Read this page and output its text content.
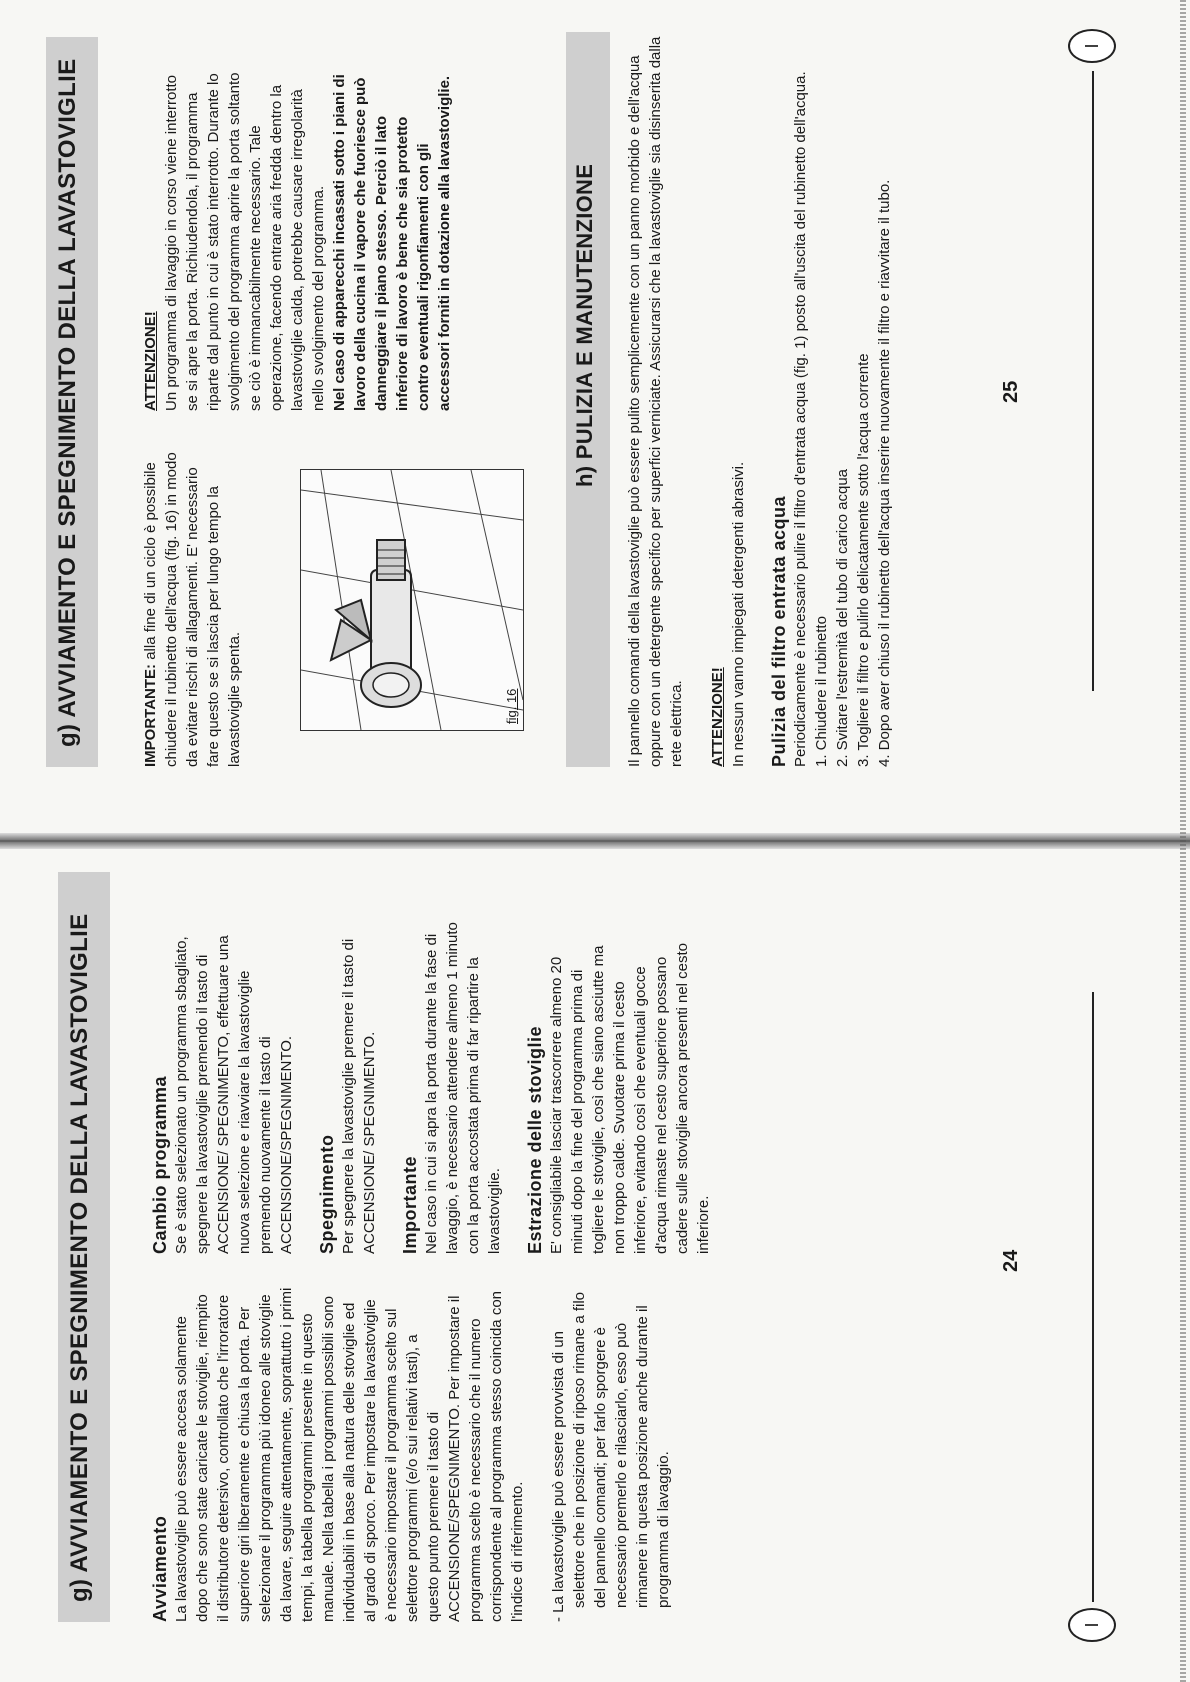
g) AVVIAMENTO E SPEGNIMENTO DELLA LAVASTOVIGLIE	Avviamento La lavastoviglie può essere accesa solamente dopo che sono state caricate le stoviglie, riempito il distributore detersivo, controllato che l'irroratore superiore giri liberamente e chiusa la porta. Per selezionare il programma più idoneo alle stoviglie da lavare, seguire attentamente, soprattutto i primi tempi, la tabella programmi presente in questo manuale. Nella tabella i programmi possibili sono individuabili in base alla natura delle stoviglie ed al grado di sporco. Per impostare la lavastoviglie è necessario impostare il programma scelto sul selettore programmi (e/o sui relativi tasti), a questo punto premere il tasto di ACCENSIONE/SPEGNIMENTO. Per impostare il programma scelto è necessario che il numero corrispondente al programma stesso coincida con l'indice di riferimento. - La lavastoviglie può essere provvista di un selettore che in posizione di riposo rimane a filo del pannello comandi; per farlo sporgere è necessario premerlo e rilasciarlo, esso può rimanere in questa posizione anche durante il programma di lavaggio.

Cambio programma Se è stato selezionato un programma sbagliato, spegnere la lavastoviglie premendo il tasto di ACCENSIONE/ SPEGNIMENTO, effettuare una nuova selezione e riavviare la lavastoviglie premendo nuovamente il tasto di ACCENSIONE/SPEGNIMENTO. Spegnimento Per spegnere la lavastoviglie premere il tasto di ACCENSIONE/ SPEGNIMENTO. Importante Nel caso in cui si apra la porta durante la fase di lavaggio, è necessario attendere almeno 1 minuto con la porta accostata prima di far ripartire la lavastoviglie. Estrazione delle stoviglie E' consigliabile lasciar trascorrere almeno 20 minuti dopo la fine del programma prima di togliere le stoviglie, così che siano asciutte ma non troppo calde. Svuotare prima il cesto inferiore, evitando così che eventuali gocce d'acqua rimaste nel cesto superiore possano cadere sulle stoviglie ancora presenti nel cesto inferiore.

24
I
g) AVVIAMENTO E SPEGNIMENTO DELLA LAVASTOVIGLIE	IMPORTANTE: alla fine di un ciclo è possibile chiudere il rubinetto dell'acqua (fig. 16) in modo da evitare rischi di allagamenti. E' necessario fare questo se si lascia per lungo tempo la lavastoviglie spenta.	fig. 16

ATTENZIONE! Un programma di lavaggio in corso viene interrotto se si apre la porta. Richiudendola, il programma riparte dal punto in cui è stato interrotto. Durante lo svolgimento del programma aprire la porta soltanto se ciò è immancabilmente necessario. Tale operazione, facendo entrare aria fredda dentro la lavastoviglie calda, potrebbe causare irregolarità nello svolgimento del programma. Nel caso di apparecchi incassati sotto i piani di lavoro della cucina il vapore che fuoriesce può danneggiare il piano stesso. Perciò il lato inferiore di lavoro è bene che sia protetto contro eventuali rigonfiamenti con gli accessori forniti in dotazione alla lavastoviglie.	h) PULIZIA E MANUTENZIONE Il pannello comandi della lavastoviglie può essere pulito semplicemente con un panno morbido e dell'acqua oppure con un detergente specifico per superfici verniciate. Assicurarsi che la lavastoviglie sia disinserita dalla rete elettrica. ATTENZIONE! In nessun vanno impiegati detergenti abrasivi. Pulizia del filtro entrata acqua Periodicamente è necessario pulire il filtro d'entrata acqua (fig. 1) posto all'uscita del rubinetto dell'acqua. 1. Chiudere il rubinetto 2. Svitare l'estremità del tubo di carico acqua 3. Togliere il filtro e pulirlo delicatamente sotto l'acqua corrente 4. Dopo aver chiuso il rubinetto dell'acqua inserire nuovamente il filtro e riavvitare il tubo.	25
I
